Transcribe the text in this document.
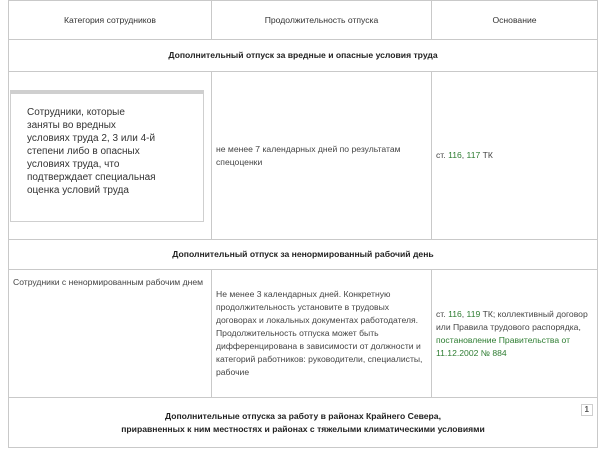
Категория сотрудников	Продолжительность отпуска	Основание
Дополнительный отпуск за вредные и опасные условия труда		

Сотрудники, которые заняты во вредных условиях труда 2, 3 или 4-й степени либо в опасных условиях труда, что подтверждает специальная оценка условий труда	не менее 7 календарных дней по результатам спецоценки	ст. 116, 117 ТК
Дополнительный отпуск за ненормированный рабочий день		
Сотрудники с ненормированным рабочим днем	Не менее 3 календарных дней. Конкретную продолжительность установите в трудовых договорах и локальных документах работодателя. Продолжительность отпуска может быть дифференцирована в зависимости от должности и категорий работников: руководители, специалисты, рабочие	ст. 116, 119 ТК; коллективный договор или Правила трудового распорядка, постановление Правительства от 11.12.2002 № 884

Дополнительные отпуска за работу в районах Крайнего Севера,
приравненных к ним местностях и районах с тяжелыми климатическими условиями
1		
